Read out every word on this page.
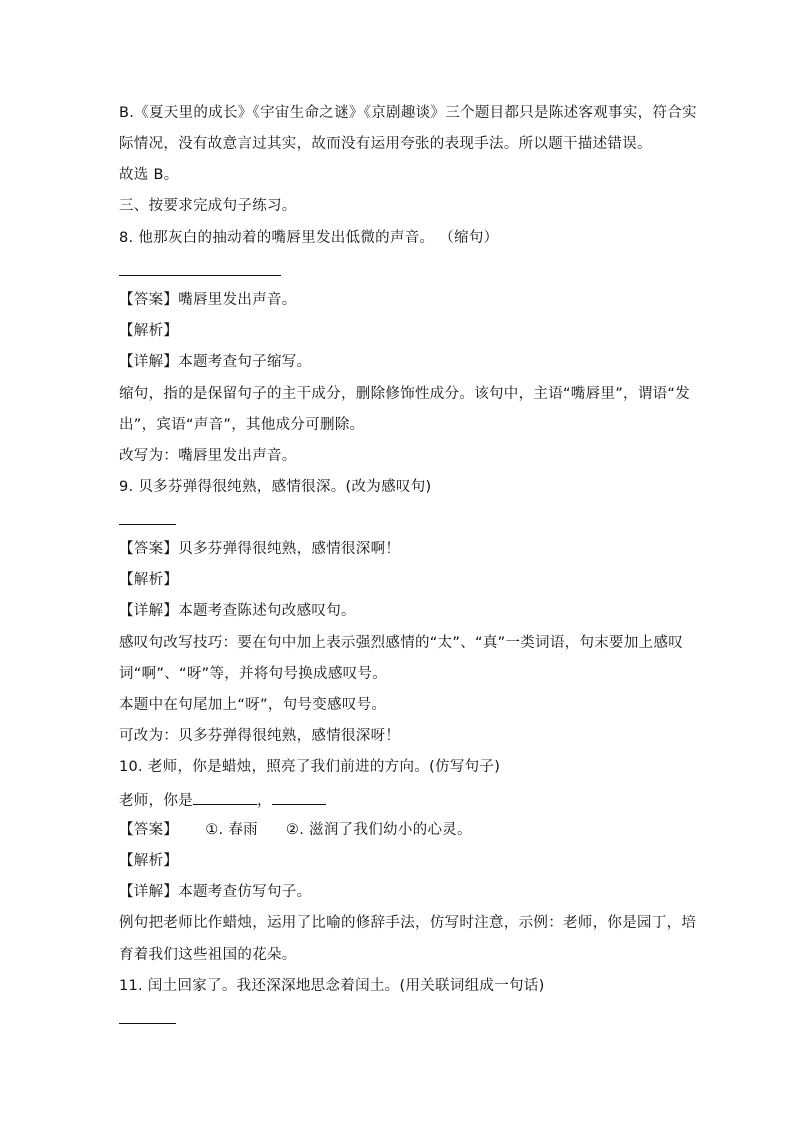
B.《夏天里的成长》《宇宙生命之谜》《京剧趣谈》三个题目都只是陈述客观事实，符合实
际情况，没有故意言过其实，故而没有运用夸张的表现手法。所以题干描述错误。
故选 B。
三、按要求完成句子练习。
8. 他那灰白的抽动着的嘴唇里发出低微的声音。 （缩句）
【答案】嘴唇里发出声音。
【解析】
【详解】本题考查句子缩写。
缩句，指的是保留句子的主干成分，删除修饰性成分。该句中，主语“嘴唇里”，谓语“发
出”，宾语“声音”，其他成分可删除。
改写为：嘴唇里发出声音。
9. 贝多芬弹得很纯熟，感情很深。(改为感叹句)
【答案】贝多芬弹得很纯熟，感情很深啊！
【解析】
【详解】本题考查陈述句改感叹句。
感叹句改写技巧：要在句中加上表示强烈感情的“太”、“真”一类词语，句末要加上感叹
词“啊”、“呀”等，并将句号换成感叹号。
本题中在句尾加上“呀”，句号变感叹号。
可改为：贝多芬弹得很纯熟，感情很深呀！
10. 老师，你是蜡烛，照亮了我们前进的方向。(仿写句子)
老师，你是	，
【答案】 ①. 春雨 ②. 滋润了我们幼小的心灵。
【解析】
【详解】本题考查仿写句子。
例句把老师比作蜡烛，运用了比喻的修辞手法，仿写时注意，示例：老师，你是园丁，培
育着我们这些祖国的花朵。
11. 闰土回家了。我还深深地思念着闰土。(用关联词组成一句话)
